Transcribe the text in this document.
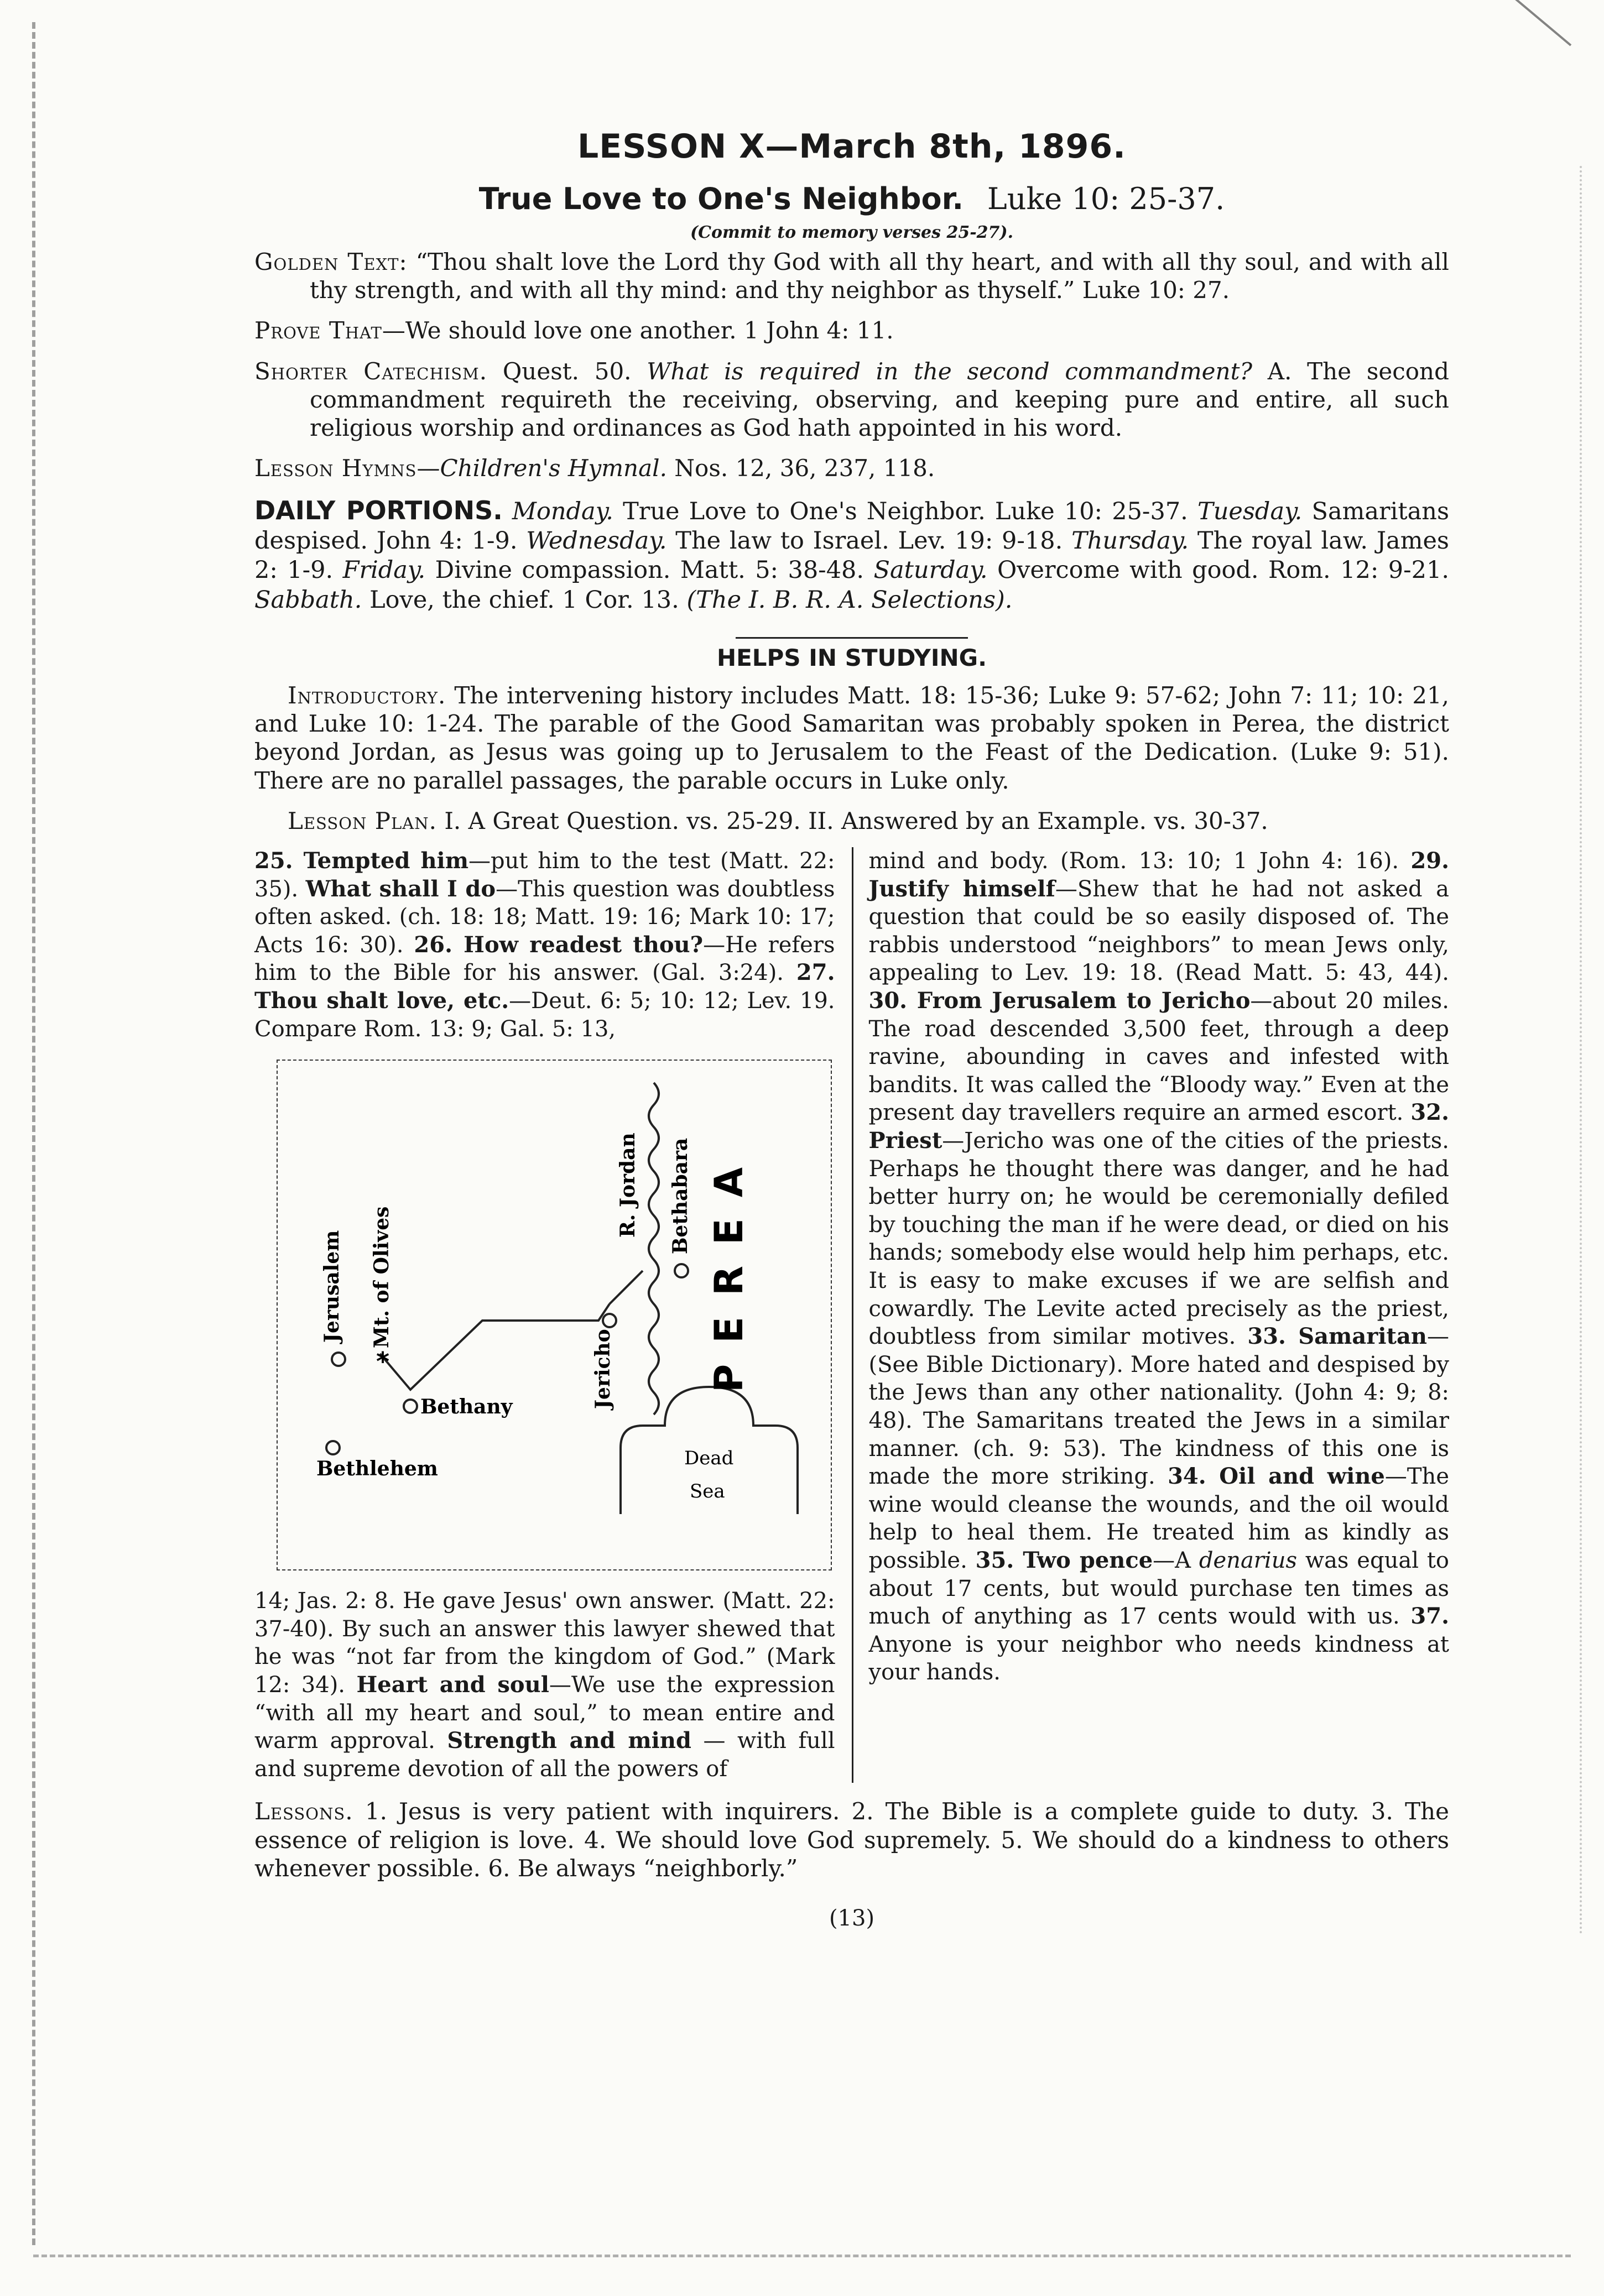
LESSON X—March 8th, 1896.
True Love to One's Neighbor. Luke 10: 25-37.
(Commit to memory verses 25-27).

Golden Text: “Thou shalt love the Lord thy God with all thy heart, and with all thy soul, and with all thy strength, and with all thy mind: and thy neighbor as thyself.” Luke 10: 27.

Prove That—We should love one another. 1 John 4: 11.

Shorter Catechism. Quest. 50. What is required in the second commandment? A. The second commandment requireth the receiving, observing, and keeping pure and entire, all such religious worship and ordinances as God hath appointed in his word.

Lesson Hymns—Children's Hymnal. Nos. 12, 36, 237, 118.

DAILY PORTIONS. Monday. True Love to One's Neighbor. Luke 10: 25-37. Tuesday. Samaritans despised. John 4: 1-9. Wednesday. The law to Israel. Lev. 19: 9-18. Thursday. The royal law. James 2: 1-9. Friday. Divine compassion. Matt. 5: 38-48. Saturday. Overcome with good. Rom. 12: 9-21. Sabbath. Love, the chief. 1 Cor. 13. (The I. B. R. A. Selections).

HELPS IN STUDYING.

Introductory. The intervening history includes Matt. 18: 15-36; Luke 9: 57-62; John 7: 11; 10: 21, and Luke 10: 1-24. The parable of the Good Samaritan was probably spoken in Perea, the district beyond Jordan, as Jesus was going up to Jerusalem to the Feast of the Dedication. (Luke 9: 51). There are no parallel passages, the parable occurs in Luke only.

Lesson Plan. I. A Great Question. vs. 25-29. II. Answered by an Example. vs. 30-37.

25. Tempted him—put him to the test (Matt. 22: 35). What shall I do—This question was doubtless often asked. (ch. 18: 18; Matt. 19: 16; Mark 10: 17; Acts 16: 30). 26. How readest thou?—He refers him to the Bible for his answer. (Gal. 3:24). 27. Thou shalt love, etc.—Deut. 6: 5; 10: 12; Lev. 19. Compare Rom. 13: 9; Gal. 5: 13,
*
Jerusalem Mt. of Olives
Bethany
Bethlehem
Jericho
R. Jordan Bethabara PEREA
Dead
Sea
14; Jas. 2: 8. He gave Jesus' own answer. (Matt. 22: 37-40). By such an answer this lawyer shewed that he was “not far from the kingdom of God.” (Mark 12: 34). Heart and soul—We use the expression “with all my heart and soul,” to mean entire and warm approval. Strength and mind — with full and supreme devotion of all the powers of
mind and body. (Rom. 13: 10; 1 John 4: 16). 29. Justify himself—Shew that he had not asked a question that could be so easily disposed of. The rabbis understood “neighbors” to mean Jews only, appealing to Lev. 19: 18. (Read Matt. 5: 43, 44). 30. From Jerusalem to Jericho—about 20 miles. The road descended 3,500 feet, through a deep ravine, abounding in caves and infested with bandits. It was called the “Bloody way.” Even at the present day travellers require an armed escort. 32. Priest—Jericho was one of the cities of the priests. Perhaps he thought there was danger, and he had better hurry on; he would be ceremonially defiled by touching the man if he were dead, or died on his hands; somebody else would help him perhaps, etc. It is easy to make excuses if we are selfish and cowardly. The Levite acted precisely as the priest, doubtless from similar motives. 33. Samaritan—(See Bible Dictionary). More hated and despised by the Jews than any other nationality. (John 4: 9; 8: 48). The Samaritans treated the Jews in a similar manner. (ch. 9: 53). The kindness of this one is made the more striking. 34. Oil and wine—The wine would cleanse the wounds, and the oil would help to heal them. He treated him as kindly as possible. 35. Two pence—A denarius was equal to about 17 cents, but would purchase ten times as much of anything as 17 cents would with us. 37. Anyone is your neighbor who needs kindness at your hands.

Lessons. 1. Jesus is very patient with inquirers. 2. The Bible is a complete guide to duty. 3. The essence of religion is love. 4. We should love God supremely. 5. We should do a kindness to others whenever possible. 6. Be always “neighborly.”

(13)
